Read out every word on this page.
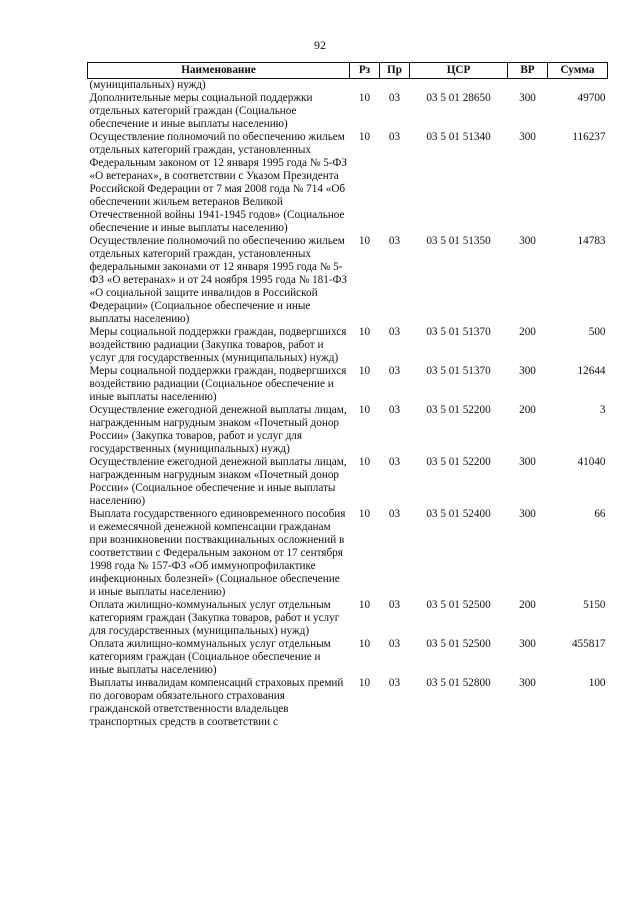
92
Наименование	Рз	Пр	ЦСР	ВР	Сумма
(муниципальных) нужд)					
Дополнительные меры социальной поддержки отдельных категорий граждан (Социальное обеспечение и иные выплаты населению)	10	03	03 5 01 28650	300	49700
Осуществление полномочий по обеспечению жильем отдельных категорий граждан, установленных Федеральным законом от 12 января 1995 года № 5-ФЗ «О ветеранах», в соответствии с Указом Президента Российской Федерации от 7 мая 2008 года № 714 «Об обеспечении жильем ветеранов Великой Отечественной войны 1941-1945 годов» (Социальное обеспечение и иные выплаты населению)	10	03	03 5 01 51340	300	116237
Осуществление полномочий по обеспечению жильем отдельных категорий граждан, установленных федеральными законами от 12 января 1995 года № 5-ФЗ «О ветеранах» и от 24 ноября 1995 года № 181-ФЗ «О социальной защите инвалидов в Российской Федерации» (Социальное обеспечение и иные выплаты населению)	10	03	03 5 01 51350	300	14783
Меры социальной поддержки граждан, подвергшихся воздействию радиации (Закупка товаров, работ и услуг для государственных (муниципальных) нужд)	10	03	03 5 01 51370	200	500
Меры социальной поддержки граждан, подвергшихся воздействию радиации (Социальное обеспечение и иные выплаты населению)	10	03	03 5 01 51370	300	12644
Осуществление ежегодной денежной выплаты лицам, награжденным нагрудным знаком «Почетный донор России» (Закупка товаров, работ и услуг для государственных (муниципальных) нужд)	10	03	03 5 01 52200	200	3
Осуществление ежегодной денежной выплаты лицам, награжденным нагрудным знаком «Почетный донор России» (Социальное обеспечение и иные выплаты населению)	10	03	03 5 01 52200	300	41040
Выплата государственного единовременного пособия и ежемесячной денежной компенсации гражданам при возникновении поствакцинальных осложнений в соответствии с Федеральным законом от 17 сентября 1998 года № 157-ФЗ «Об иммунопрофилактике инфекционных болезней» (Социальное обеспечение и иные выплаты населению)	10	03	03 5 01 52400	300	66
Оплата жилищно-коммунальных услуг отдельным категориям граждан (Закупка товаров, работ и услуг для государственных (муниципальных) нужд)	10	03	03 5 01 52500	200	5150
Оплата жилищно-коммунальных услуг отдельным категориям граждан (Социальное обеспечение и иные выплаты населению)	10	03	03 5 01 52500	300	455817
Выплаты инвалидам компенсаций страховых премий по договорам обязательного страхования гражданской ответственности владельцев транспортных средств в соответствии с	10	03	03 5 01 52800	300	100
